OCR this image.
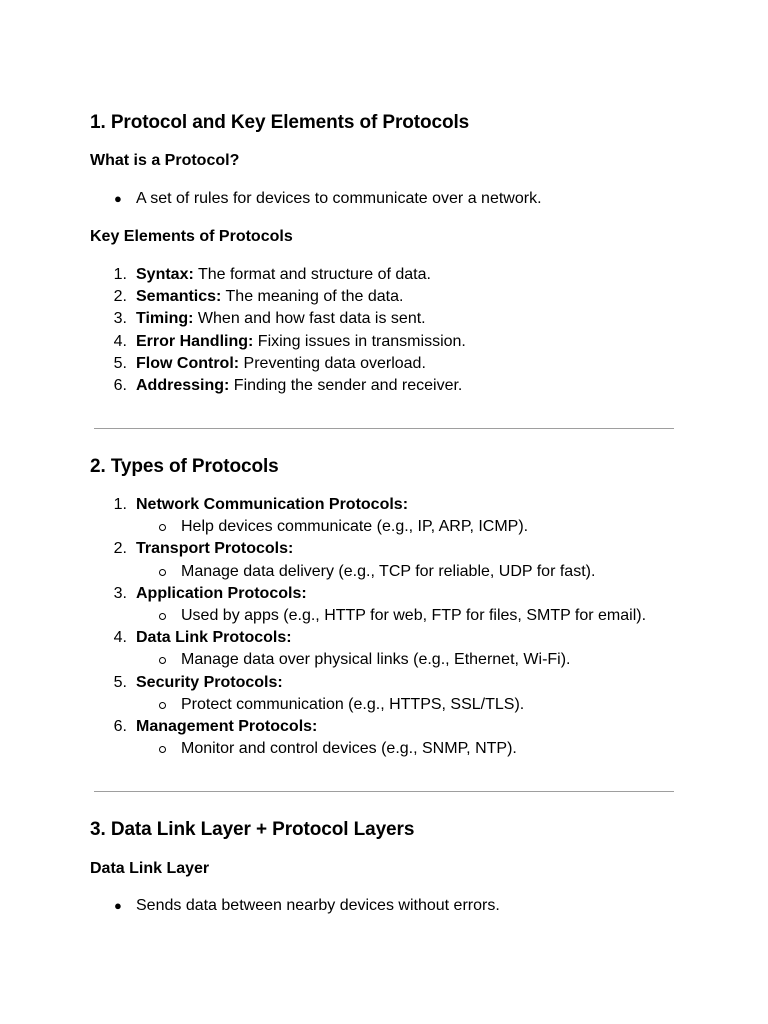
1. Protocol and Key Elements of Protocols
What is a Protocol?
● A set of rules for devices to communicate over a network.
Key Elements of Protocols
1. Syntax: The format and structure of data.
2. Semantics: The meaning of the data.
3. Timing: When and how fast data is sent.
4. Error Handling: Fixing issues in transmission.
5. Flow Control: Preventing data overload.
6. Addressing: Finding the sender and receiver.
2. Types of Protocols
1. Network Communication Protocols:
Help devices communicate (e.g., IP, ARP, ICMP).
2. Transport Protocols:
Manage data delivery (e.g., TCP for reliable, UDP for fast).
3. Application Protocols:
Used by apps (e.g., HTTP for web, FTP for files, SMTP for email).
4. Data Link Protocols:
Manage data over physical links (e.g., Ethernet, Wi-Fi).
5. Security Protocols:
Protect communication (e.g., HTTPS, SSL/TLS).
6. Management Protocols:
Monitor and control devices (e.g., SNMP, NTP).
3. Data Link Layer + Protocol Layers
Data Link Layer
● Sends data between nearby devices without errors.
